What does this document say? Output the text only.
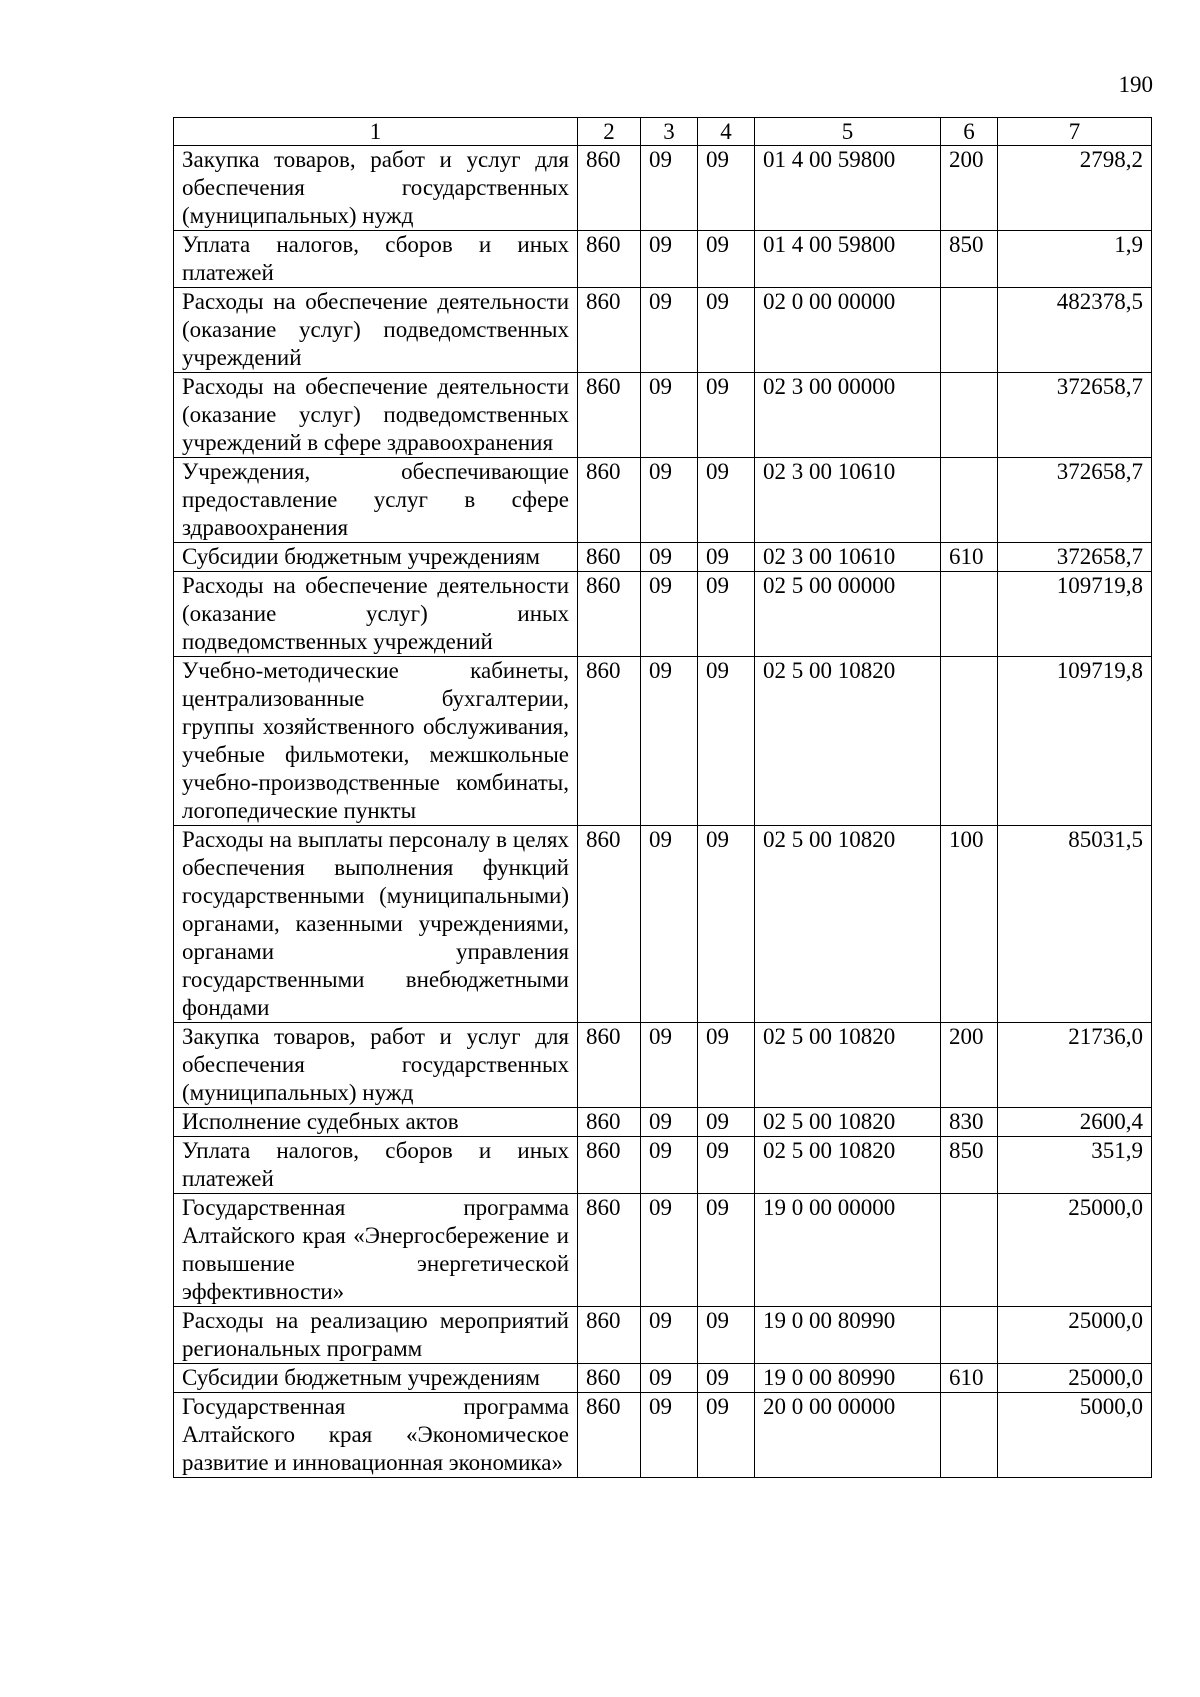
190
1	2	3	4	5	6	7
Закупка товаров, работ и услуг для обеспечения государственных (муниципальных) нужд	860	09	09	01 4 00 59800	200	2798,2
Уплата налогов, сборов и иных платежей	860	09	09	01 4 00 59800	850	1,9
Расходы на обеспечение деятельности (оказание услуг) подведомственных учреждений	860	09	09	02 0 00 00000		482378,5
Расходы на обеспечение деятельности (оказание услуг) подведомственных учреждений в сфере здравоохранения	860	09	09	02 3 00 00000		372658,7
Учреждения, обеспечивающие предоставление услуг в сфере здравоохранения	860	09	09	02 3 00 10610		372658,7
Субсидии бюджетным учреждениям	860	09	09	02 3 00 10610	610	372658,7
Расходы на обеспечение деятельности (оказание услуг) иных подведомственных учреждений	860	09	09	02 5 00 00000		109719,8
Учебно-методические кабинеты, централизованные бухгалтерии, группы хозяйственного обслуживания, учебные фильмотеки, межшкольные учебно-производственные комбинаты, логопедические пункты	860	09	09	02 5 00 10820		109719,8
Расходы на выплаты персоналу в целях обеспечения выполнения функций государственными (муниципальными) органами, казенными учреждениями, органами управления государственными внебюджетными фондами	860	09	09	02 5 00 10820	100	85031,5
Закупка товаров, работ и услуг для обеспечения государственных (муниципальных) нужд	860	09	09	02 5 00 10820	200	21736,0
Исполнение судебных актов	860	09	09	02 5 00 10820	830	2600,4
Уплата налогов, сборов и иных платежей	860	09	09	02 5 00 10820	850	351,9
Государственная программа Алтайского края «Энергосбережение и повышение энергетической эффективности»	860	09	09	19 0 00 00000		25000,0
Расходы на реализацию мероприятий региональных программ	860	09	09	19 0 00 80990		25000,0
Субсидии бюджетным учреждениям	860	09	09	19 0 00 80990	610	25000,0
Государственная программа Алтайского края «Экономическое развитие и инновационная экономика»	860	09	09	20 0 00 00000		5000,0
